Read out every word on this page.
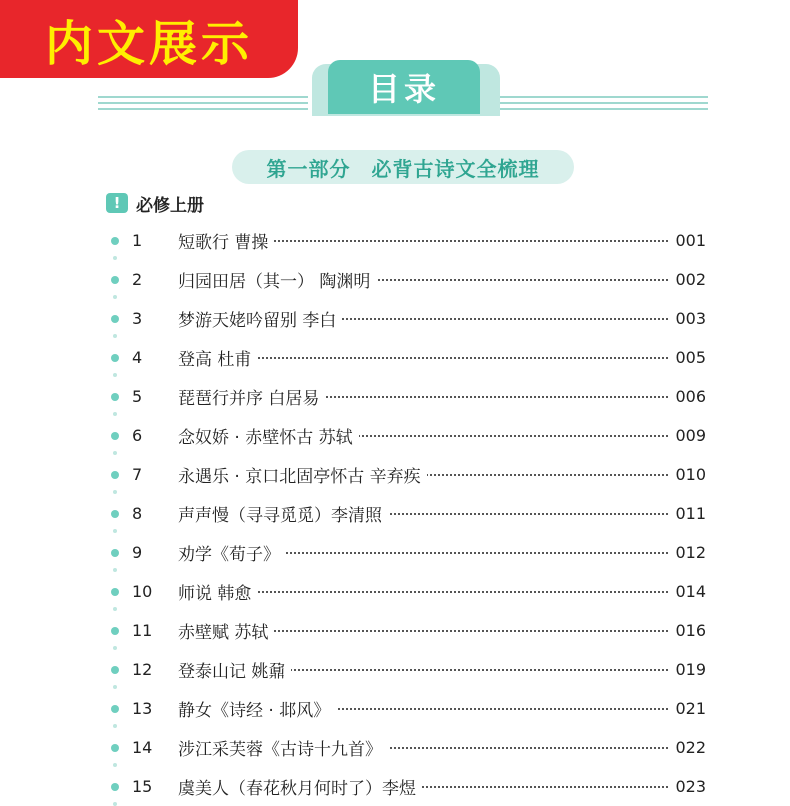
内文展示
目录
第一部分　必背古诗文全梳理
! 必修上册
1	短歌行 曹操	001
2	归园田居（其一） 陶渊明	002
3	梦游天姥吟留别 李白	003
4	登高 杜甫	005
5	琵琶行并序 白居易	006
6	念奴娇 · 赤壁怀古 苏轼	009
7	永遇乐 · 京口北固亭怀古 辛弃疾	010
8	声声慢（寻寻觅觅）李清照	011
9	劝学《荀子》	012
10	师说 韩愈	014
11	赤壁赋 苏轼	016
12	登泰山记 姚鼐	019
13	静女《诗经 · 邶风》	021
14	涉江采芙蓉《古诗十九首》	022
15	虞美人（春花秋月何时了）李煜	023
